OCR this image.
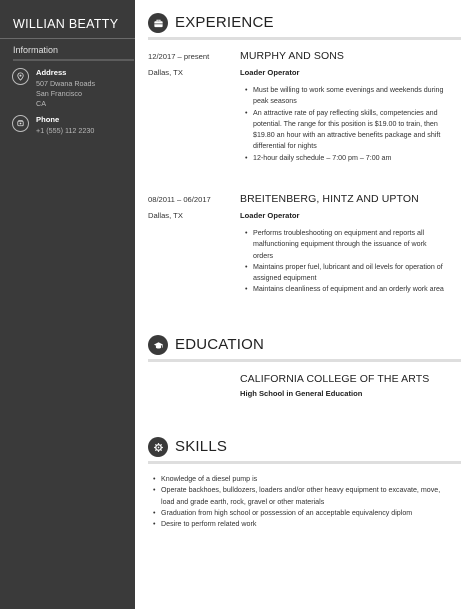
WILLIAN BEATTY
Information
Address
507 Dwana Roads
San Francisco
CA
Phone
+1 (555) 112 2230
EXPERIENCE
12/2017 – present
Dallas, TX
MURPHY AND SONS
Loader Operator
• Must be willing to work some evenings and weekends during
peak seasons
• An attractive rate of pay reflecting skills, competencies and
potential. The range for this position is $19.00 to train, then
$19.80 an hour with an attractive benefits package and shift
differential for nights
• 12-hour daily schedule – 7:00 pm – 7:00 am
08/2011 – 06/2017
Dallas, TX
BREITENBERG, HINTZ AND UPTON
Loader Operator
• Performs troubleshooting on equipment and reports all
malfunctioning equipment through the issuance of work
orders
• Maintains proper fuel, lubricant and oil levels for operation of
assigned equipment
• Maintains cleanliness of equipment and an orderly work area
EDUCATION
CALIFORNIA COLLEGE OF THE ARTS
High School in General Education
SKILLS
• Knowledge of a diesel pump is
• Operate backhoes, bulldozers, loaders and/or other heavy equipment to excavate, move,
load and grade earth, rock, gravel or other materials
• Graduation from high school or possession of an acceptable equivalency diplom
• Desire to perform related work
